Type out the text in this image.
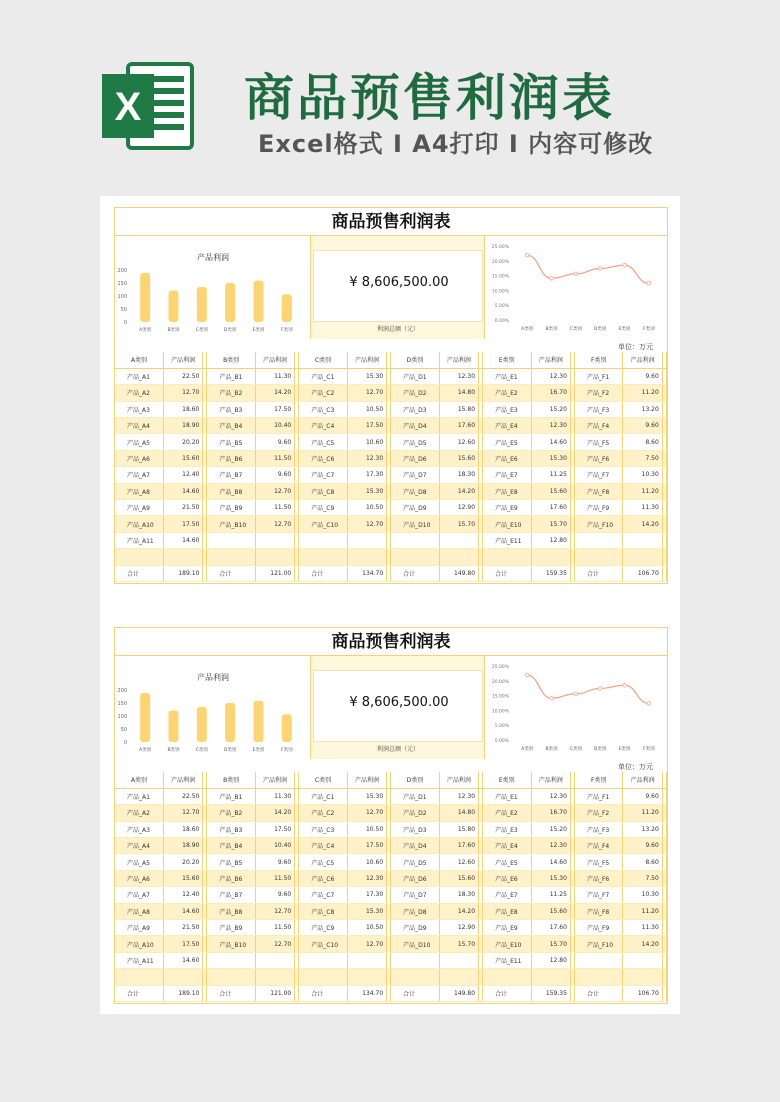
X 商品预售利润表
Excel格式 I A4打印 I 内容可修改
商品预售利润表
产品利润
0
50
100
150
200
A类别	B类别	C类别	D类别	E类别	F类别
¥ 8,606,500.00
利润总额（元）
0.00%
5.00%
10.00%
15.00%
20.00%
25.00%
A类别	B类别	C类别	D类别	E类别	F类别
单位：万元
A类别	产品利润		B类别	产品利润		C类别	产品利润		D类别	产品利润		E类别	产品利润		F类别	产品利润	
产品_A1	22.50		产品_B1	11.30		产品_C1	15.30		产品_D1	12.30		产品_E1	12.30		产品_F1	9.60	
产品_A2	12.70		产品_B2	14.20		产品_C2	12.70		产品_D2	14.80		产品_E2	16.70		产品_F2	11.20	
产品_A3	18.60		产品_B3	17.50		产品_C3	10.50		产品_D3	15.80		产品_E3	15.20		产品_F3	13.20	
产品_A4	18.90		产品_B4	10.40		产品_C4	17.50		产品_D4	17.60		产品_E4	12.30		产品_F4	9.60	
产品_A5	20.20		产品_B5	9.60		产品_C5	10.60		产品_D5	12.60		产品_E5	14.60		产品_F5	8.60	
产品_A6	15.60		产品_B6	11.50		产品_C6	12.30		产品_D6	15.60		产品_E6	15.30		产品_F6	7.50	
产品_A7	12.40		产品_B7	9.60		产品_C7	17.30		产品_D7	18.30		产品_E7	11.25		产品_F7	10.30	
产品_A8	14.60		产品_B8	12.70		产品_C8	15.30		产品_D8	14.20		产品_E8	15.60		产品_F8	11.20	
产品_A9	21.50		产品_B9	11.50		产品_C9	10.50		产品_D9	12.90		产品_E9	17.60		产品_F9	11.30	
产品_A10	17.50		产品_B10	12.70		产品_C10	12.70		产品_D10	15.70		产品_E10	15.70		产品_F10	14.20	
产品_A11	14.60											产品_E11	12.80				

合计	189.10		合计	121.00		合计	134.70		合计	149.80		合计	159.35		合计	106.70	
商品预售利润表
产品利润
0
50
100
150
200
A类别	B类别	C类别	D类别	E类别	F类别
¥ 8,606,500.00
利润总额（元）
0.00%
5.00%
10.00%
15.00%
20.00%
25.00%
A类别	B类别	C类别	D类别	E类别	F类别
单位：万元
A类别	产品利润		B类别	产品利润		C类别	产品利润		D类别	产品利润		E类别	产品利润		F类别	产品利润	
产品_A1	22.50		产品_B1	11.30		产品_C1	15.30		产品_D1	12.30		产品_E1	12.30		产品_F1	9.60	
产品_A2	12.70		产品_B2	14.20		产品_C2	12.70		产品_D2	14.80		产品_E2	16.70		产品_F2	11.20	
产品_A3	18.60		产品_B3	17.50		产品_C3	10.50		产品_D3	15.80		产品_E3	15.20		产品_F3	13.20	
产品_A4	18.90		产品_B4	10.40		产品_C4	17.50		产品_D4	17.60		产品_E4	12.30		产品_F4	9.60	
产品_A5	20.20		产品_B5	9.60		产品_C5	10.60		产品_D5	12.60		产品_E5	14.60		产品_F5	8.60	
产品_A6	15.60		产品_B6	11.50		产品_C6	12.30		产品_D6	15.60		产品_E6	15.30		产品_F6	7.50	
产品_A7	12.40		产品_B7	9.60		产品_C7	17.30		产品_D7	18.30		产品_E7	11.25		产品_F7	10.30	
产品_A8	14.60		产品_B8	12.70		产品_C8	15.30		产品_D8	14.20		产品_E8	15.60		产品_F8	11.20	
产品_A9	21.50		产品_B9	11.50		产品_C9	10.50		产品_D9	12.90		产品_E9	17.60		产品_F9	11.30	
产品_A10	17.50		产品_B10	12.70		产品_C10	12.70		产品_D10	15.70		产品_E10	15.70		产品_F10	14.20	
产品_A11	14.60											产品_E11	12.80				

合计	189.10		合计	121.00		合计	134.70		合计	149.80		合计	159.35		合计	106.70	
